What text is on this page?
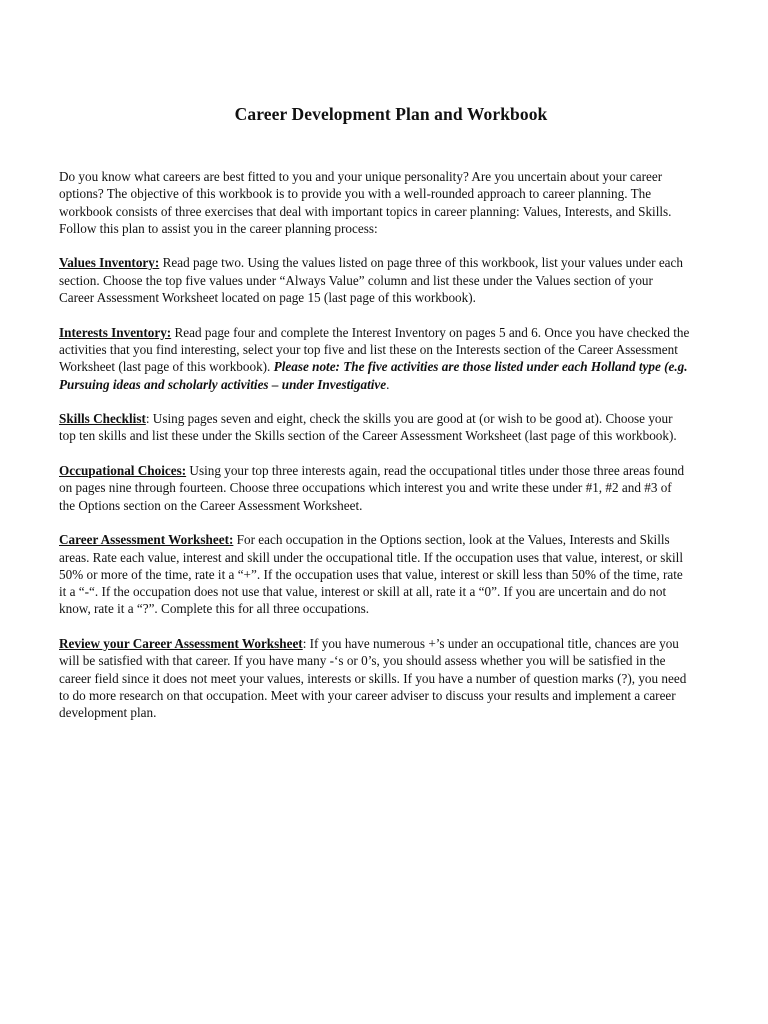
Career Development Plan and Workbook

Do you know what careers are best fitted to you and your unique personality? Are you uncertain about your career options? The objective of this workbook is to provide you with a well-rounded approach to career planning. The workbook consists of three exercises that deal with important topics in career planning: Values, Interests, and Skills. Follow this plan to assist you in the career planning process:

Values Inventory: Read page two. Using the values listed on page three of this workbook, list your values under each section. Choose the top five values under “Always Value” column and list these under the Values section of your Career Assessment Worksheet located on page 15 (last page of this workbook).

Interests Inventory: Read page four and complete the Interest Inventory on pages 5 and 6. Once you have checked the activities that you find interesting, select your top five and list these on the Interests section of the Career Assessment Worksheet (last page of this workbook). Please note: The five activities are those listed under each Holland type (e.g. Pursuing ideas and scholarly activities – under Investigative.

Skills Checklist: Using pages seven and eight, check the skills you are good at (or wish to be good at). Choose your top ten skills and list these under the Skills section of the Career Assessment Worksheet (last page of this workbook).

Occupational Choices: Using your top three interests again, read the occupational titles under those three areas found on pages nine through fourteen. Choose three occupations which interest you and write these under #1, #2 and #3 of the Options section on the Career Assessment Worksheet.

Career Assessment Worksheet: For each occupation in the Options section, look at the Values, Interests and Skills areas. Rate each value, interest and skill under the occupational title. If the occupation uses that value, interest, or skill 50% or more of the time, rate it a “+”. If the occupation uses that value, interest or skill less than 50% of the time, rate it a “-“. If the occupation does not use that value, interest or skill at all, rate it a “0”. If you are uncertain and do not know, rate it a “?”. Complete this for all three occupations.

Review your Career Assessment Worksheet: If you have numerous +’s under an occupational title, chances are you will be satisfied with that career. If you have many -‘s or 0’s, you should assess whether you will be satisfied in the career field since it does not meet your values, interests or skills. If you have a number of question marks (?), you need to do more research on that occupation. Meet with your career adviser to discuss your results and implement a career development plan.
